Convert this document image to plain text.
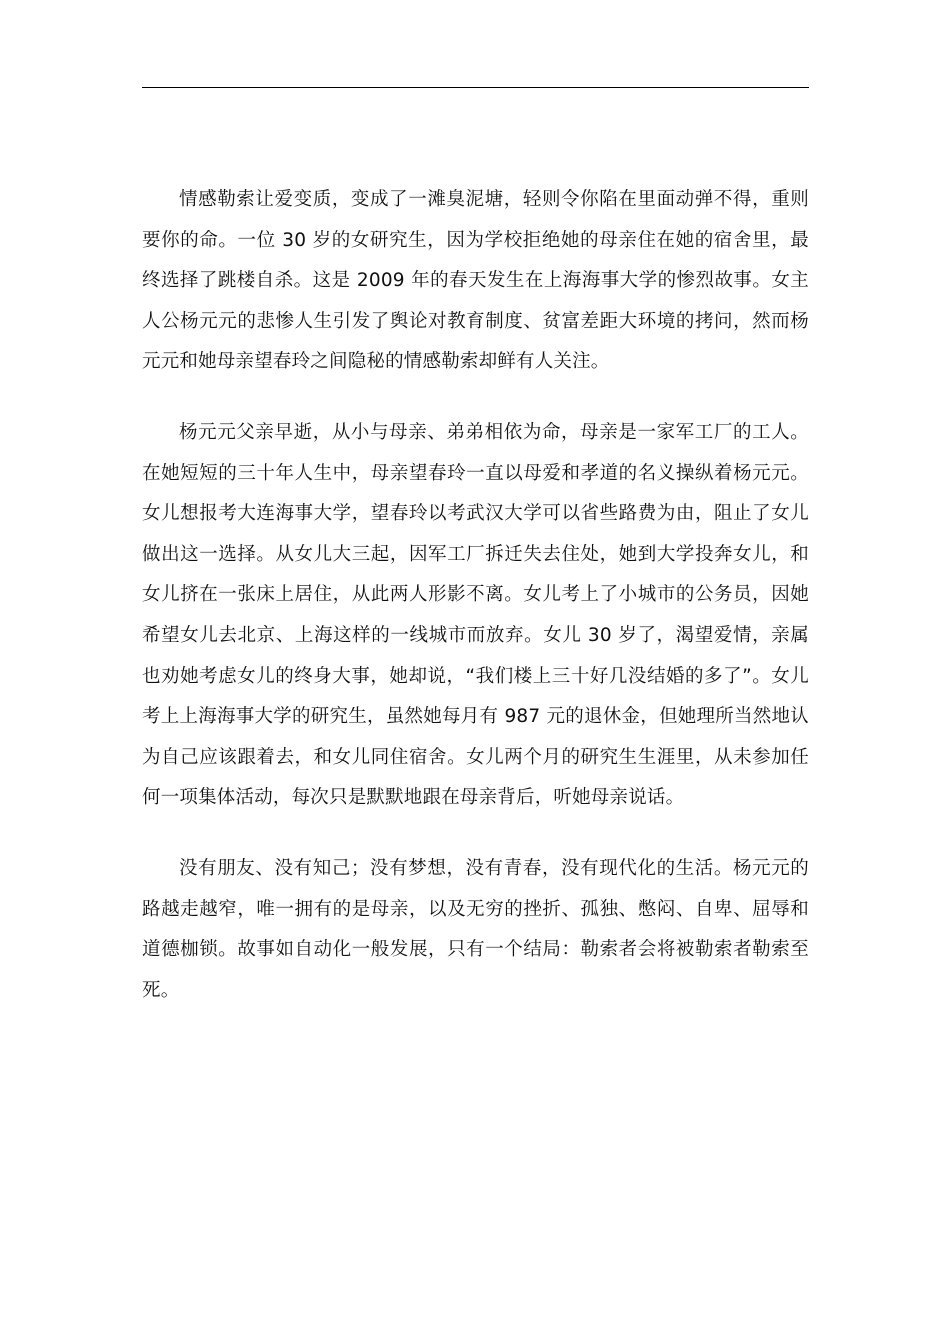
情感勒索让爱变质，变成了一滩臭泥塘，轻则令你陷在里面动弹不得，重则要你的命。一位 30 岁的女研究生，因为学校拒绝她的母亲住在她的宿舍里，最终选择了跳楼自杀。这是 2009 年的春天发生在上海海事大学的惨烈故事。女主人公杨元元的悲惨人生引发了舆论对教育制度、贫富差距大环境的拷问，然而杨元元和她母亲望春玲之间隐秘的情感勒索却鲜有人关注。

杨元元父亲早逝，从小与母亲、弟弟相依为命，母亲是一家军工厂的工人。在她短短的三十年人生中，母亲望春玲一直以母爱和孝道的名义操纵着杨元元。女儿想报考大连海事大学，望春玲以考武汉大学可以省些路费为由，阻止了女儿做出这一选择。从女儿大三起，因军工厂拆迁失去住处，她到大学投奔女儿，和女儿挤在一张床上居住，从此两人形影不离。女儿考上了小城市的公务员，因她希望女儿去北京、上海这样的一线城市而放弃。女儿 30 岁了，渴望爱情，亲属也劝她考虑女儿的终身大事，她却说，“我们楼上三十好几没结婚的多了”。女儿考上上海海事大学的研究生，虽然她每月有 987 元的退休金，但她理所当然地认为自己应该跟着去，和女儿同住宿舍。女儿两个月的研究生生涯里，从未参加任何一项集体活动，每次只是默默地跟在母亲背后，听她母亲说话。

没有朋友、没有知己；没有梦想，没有青春，没有现代化的生活。杨元元的路越走越窄，唯一拥有的是母亲，以及无穷的挫折、孤独、憋闷、自卑、屈辱和道德枷锁。故事如自动化一般发展，只有一个结局：勒索者会将被勒索者勒索至死。
